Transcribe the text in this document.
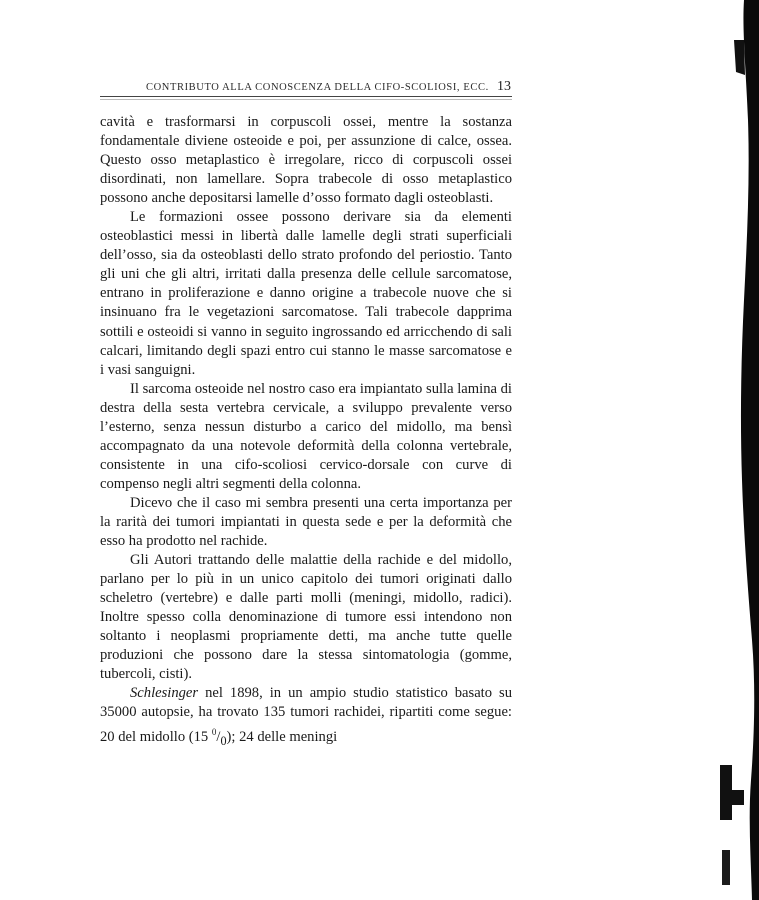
CONTRIBUTO ALLA CONOSCENZA DELLA CIFO-SCOLIOSI, ECC. 13

cavità e trasformarsi in corpuscoli ossei, mentre la sostanza fondamentale diviene osteoide e poi, per assunzione di calce, ossea. Questo osso metaplastico è irregolare, ricco di corpuscoli ossei disordinati, non lamellare. Sopra trabecole di osso metaplastico possono anche depositarsi lamelle d’osso formato dagli osteoblasti.

Le formazioni ossee possono derivare sia da elementi osteoblastici messi in libertà dalle lamelle degli strati superficiali dell’osso, sia da osteoblasti dello strato profondo del periostio. Tanto gli uni che gli altri, irritati dalla presenza delle cellule sarcomatose, entrano in proliferazione e danno origine a trabecole nuove che si insinuano fra le vegetazioni sarcomatose. Tali trabecole dapprima sottili e osteoidi si vanno in seguito ingrossando ed arricchendo di sali calcari, limitando degli spazi entro cui stanno le masse sarcomatose e i vasi sanguigni.

Il sarcoma osteoide nel nostro caso era impiantato sulla lamina di destra della sesta vertebra cervicale, a sviluppo prevalente verso l’esterno, senza nessun disturbo a carico del midollo, ma bensì accompagnato da una notevole deformità della colonna vertebrale, consistente in una cifo-scoliosi cervico-dorsale con curve di compenso negli altri segmenti della colonna.

Dicevo che il caso mi sembra presenti una certa importanza per la rarità dei tumori impiantati in questa sede e per la deformità che esso ha prodotto nel rachide.

Gli Autori trattando delle malattie della rachide e del midollo, parlano per lo più in un unico capitolo dei tumori originati dallo scheletro (vertebre) e dalle parti molli (meningi, midollo, radici). Inoltre spesso colla denominazione di tumore essi intendono non soltanto i neoplasmi propriamente detti, ma anche tutte quelle produzioni che possono dare la stessa sintomatologia (gomme, tubercoli, cisti).

Schlesinger nel 1898, in un ampio studio statistico basato su 35000 autopsie, ha trovato 135 tumori rachidei, ripartiti come segue: 20 del midollo (15 $^0/_0$); 24 delle meningi
